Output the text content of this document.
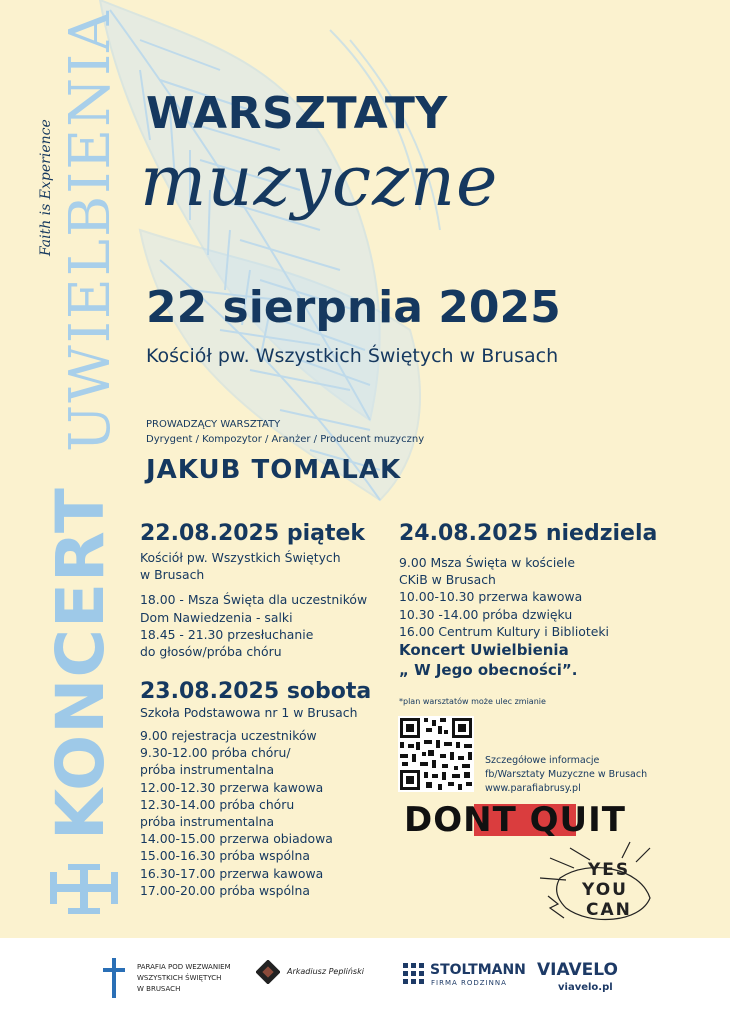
UWIELBIENIA
Faith is Experience
KONCERT
WARSZTATY
muzyczne
22 sierpnia 2025
Kościół pw. Wszystkich Świętych w Brusach
PROWADZĄCY WARSZTATY
Dyrygent / Kompozytor / Aranżer / Producent muzyczny
JAKUB TOMALAK
22.08.2025 piątek
Kościół pw. Wszystkich Świętych
w Brusach
18.00 - Msza Święta dla uczestników
Dom Nawiedzenia - salki
18.45 - 21.30 przesłuchanie
do głosów/próba chóru
23.08.2025 sobota
Szkoła Podstawowa nr 1 w Brusach
9.00 rejestracja uczestników
9.30-12.00 próba chóru/
próba instrumentalna
12.00-12.30 przerwa kawowa
12.30-14.00 próba chóru
próba instrumentalna
14.00-15.00 przerwa obiadowa
15.00-16.30 próba wspólna
16.30-17.00 przerwa kawowa
17.00-20.00 próba wspólna
24.08.2025 niedziela
9.00 Msza Święta w kościele
CKiB w Brusach
10.00-10.30 przerwa kawowa
10.30 -14.00 próba dzwięku
16.00 Centrum Kultury i Biblioteki
Koncert Uwielbienia
„ W Jego obecności”.
*plan warsztatów może ulec zmianie
Szczegółowe informacje
fb/Warsztaty Muzyczne w Brusach
www.parafiabrusy.pl
DONT QUIT
YES
YOU
CAN
PARAFIA POD WEZWANIEM
WSZYSTKICH ŚWIĘTYCH
W BRUSACH
Arkadiusz Pepliński	STOLTMANN
FIRMA RODZINNA
VIAVELO
viavelo.pl
